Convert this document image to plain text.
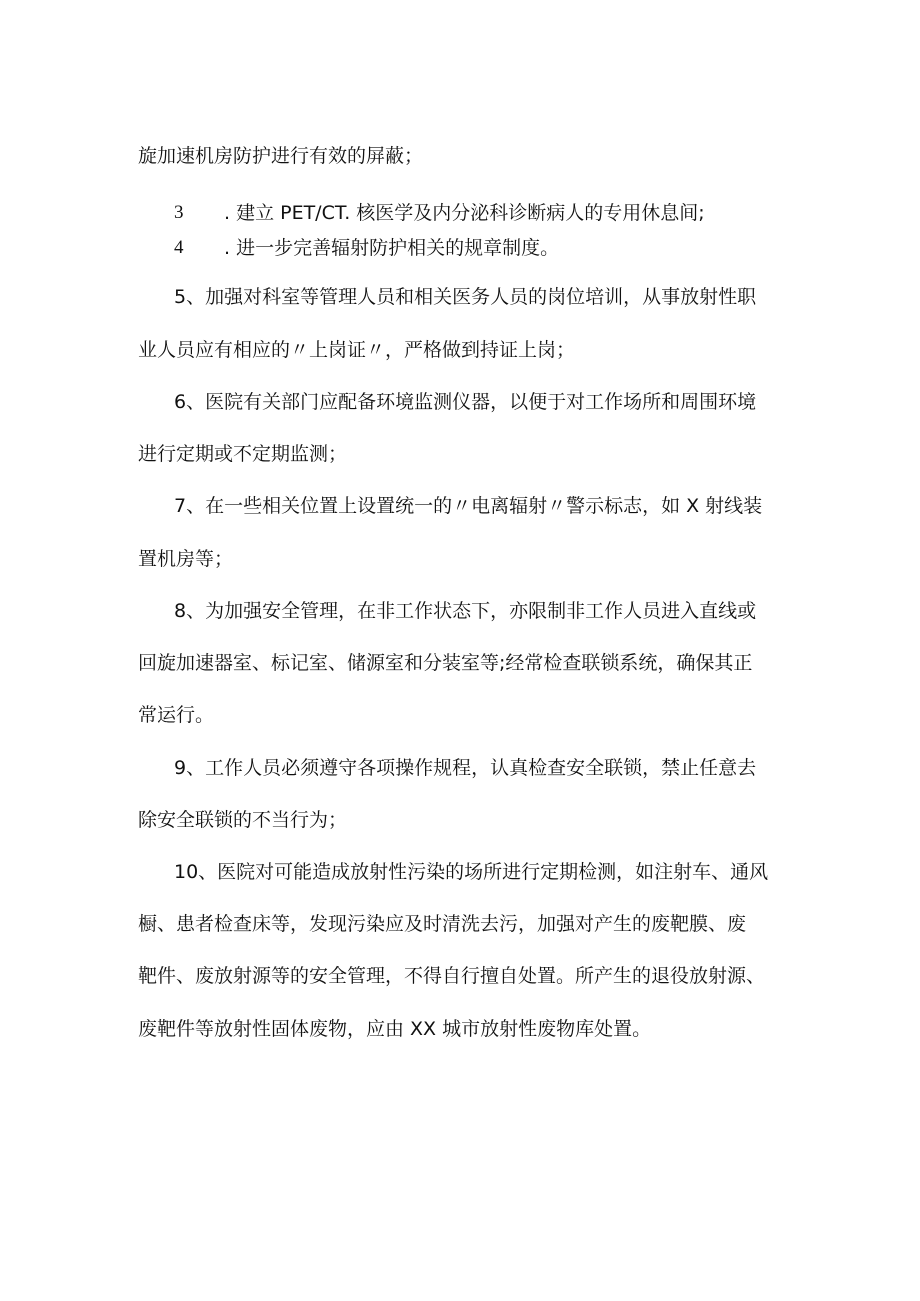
旋加速机房防护进行有效的屏蔽；
3 . 建立 PET/CT. 核医学及内分泌科诊断病人的专用休息间;
4 . 进一步完善辐射防护相关的规章制度。
5、加强对科室等管理人员和相关医务人员的岗位培训，从事放射性职
业人员应有相应的〃上岗证〃，严格做到持证上岗；
6、医院有关部门应配备环境监测仪器，以便于对工作场所和周围环境
进行定期或不定期监测；
7、在一些相关位置上设置统一的〃电离辐射〃警示标志，如 X 射线装
置机房等；
8、为加强安全管理，在非工作状态下，亦限制非工作人员进入直线或
回旋加速器室、标记室、储源室和分装室等;经常检查联锁系统，确保其正
常运行。
9、工作人员必须遵守各项操作规程，认真检查安全联锁，禁止任意去
除安全联锁的不当行为；
10、医院对可能造成放射性污染的场所进行定期检测，如注射车、通风
橱、患者检查床等，发现污染应及时清洗去污，加强对产生的废靶膜、废
靶件、废放射源等的安全管理，不得自行擅自处置。所产生的退役放射源、
废靶件等放射性固体废物，应由 XX 城市放射性废物库处置。
